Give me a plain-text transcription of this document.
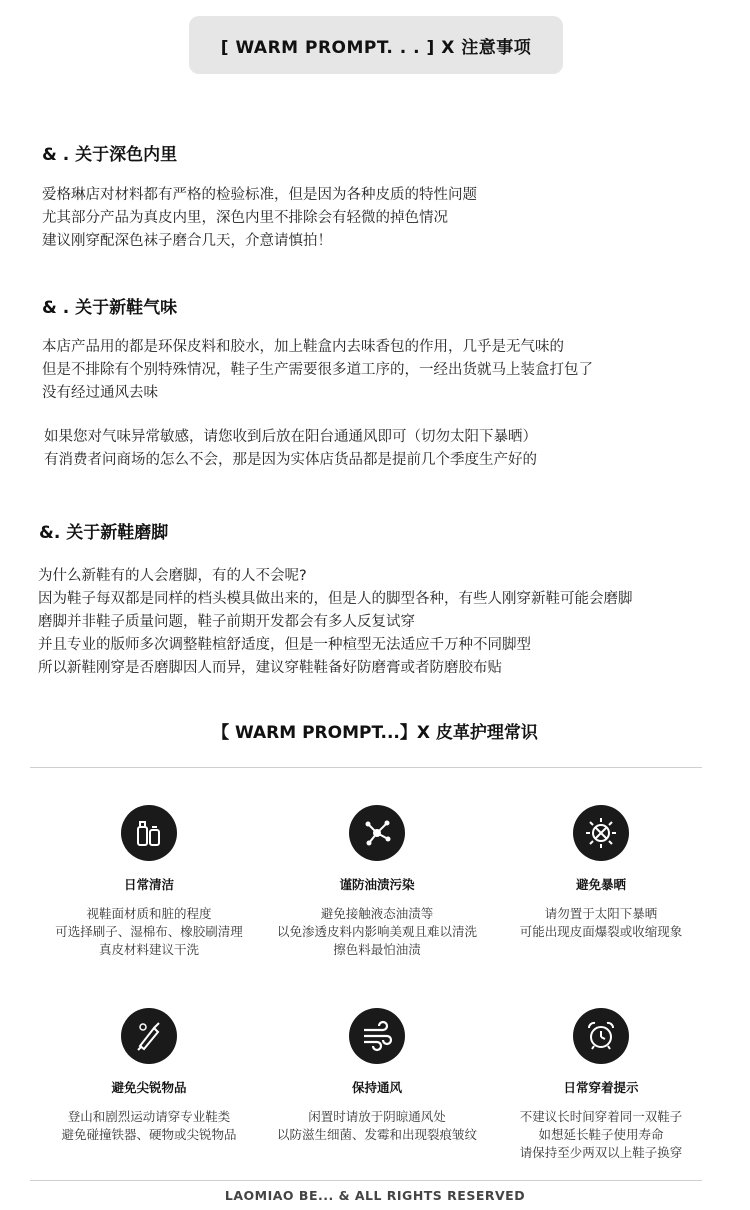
[ WARM PROMPT. . . ] X 注意事项
& . 关于深色内里
爱格琳店对材料都有严格的检验标准，但是因为各种皮质的特性问题
尤其部分产品为真皮内里，深色内里不排除会有轻微的掉色情况
建议刚穿配深色袜子磨合几天，介意请慎拍！
& . 关于新鞋气味
本店产品用的都是环保皮料和胶水，加上鞋盒内去味香包的作用，几乎是无气味的
但是不排除有个别特殊情况，鞋子生产需要很多道工序的，一经出货就马上装盒打包了
没有经过通风去味
如果您对气味异常敏感，请您收到后放在阳台通通风即可（切勿太阳下暴晒）
有消费者问商场的怎么不会，那是因为实体店货品都是提前几个季度生产好的
&. 关于新鞋磨脚
为什么新鞋有的人会磨脚，有的人不会呢?
因为鞋子每双都是同样的档头模具做出来的，但是人的脚型各种，有些人刚穿新鞋可能会磨脚
磨脚并非鞋子质量问题，鞋子前期开发都会有多人反复试穿
并且专业的版师多次调整鞋楦舒适度，但是一种楦型无法适应千万种不同脚型
所以新鞋刚穿是否磨脚因人而异，建议穿鞋鞋备好防磨膏或者防磨胶布贴
【 WARM PROMPT...】X 皮革护理常识
日常清洁
视鞋面材质和脏的程度
可选择刷子、湿棉布、橡胶刷清理
真皮材料建议干洗
谨防油渍污染
避免接触液态油渍等
以免渗透皮料内影响美观且难以清洗
擦色料最怕油渍
避免暴晒
请勿置于太阳下暴晒
可能出现皮面爆裂或收缩现象
避免尖锐物品
登山和剧烈运动请穿专业鞋类
避免碰撞铁器、硬物或尖锐物品
保持通风
闲置时请放于阴晾通风处
以防滋生细菌、发霉和出现裂痕皱纹
日常穿着提示
不建议长时间穿着同一双鞋子
如想延长鞋子使用寿命
请保持至少两双以上鞋子换穿
LAOMIAO BE... & ALL RIGHTS RESERVED
